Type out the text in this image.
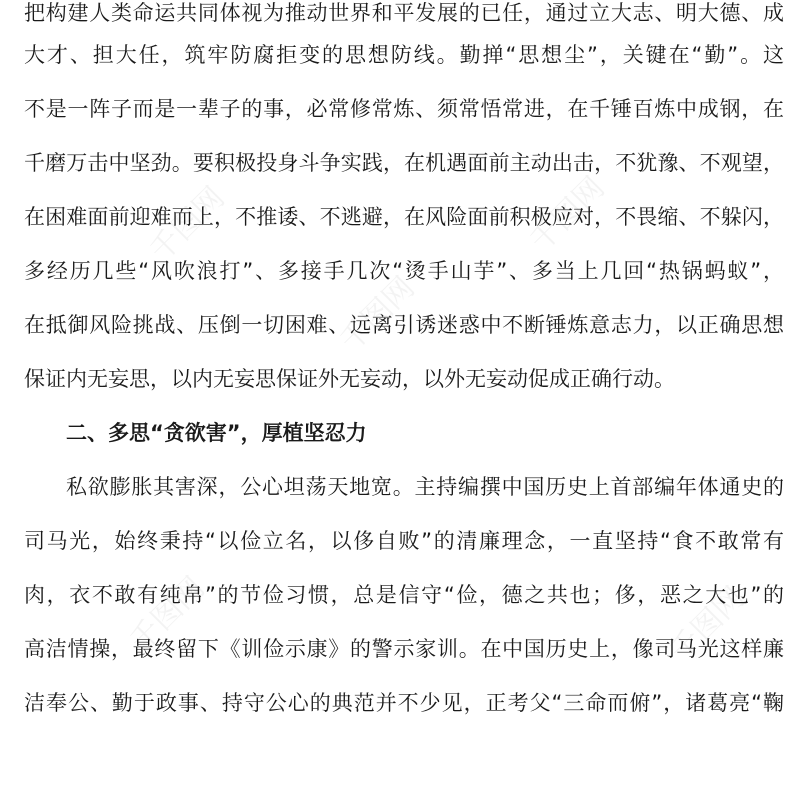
千图网	千图网
千图网
千图网	千图网
把构建人类命运共同体视为推动世界和平发展的已任，通过立大志、明大德、成
大才、担大任，筑牢防腐拒变的思想防线。勤掸“思想尘”，关键在“勤”。这
不是一阵子而是一辈子的事，必常修常炼、须常悟常进，在千锤百炼中成钢，在
千磨万击中坚劲。要积极投身斗争实践，在机遇面前主动出击，不犹豫、不观望，
在困难面前迎难而上，不推诿、不逃避，在风险面前积极应对，不畏缩、不躲闪，
多经历几些“风吹浪打”、多接手几次“烫手山芋”、多当上几回“热锅蚂蚁”，
在抵御风险挑战、压倒一切困难、远离引诱迷惑中不断锤炼意志力，以正确思想
保证内无妄思，以内无妄思保证外无妄动，以外无妄动促成正确行动。
二、多思“贪欲害”，厚植坚忍力
私欲膨胀其害深，公心坦荡天地宽。主持编撰中国历史上首部编年体通史的
司马光，始终秉持“以俭立名，以侈自败”的清廉理念，一直坚持“食不敢常有
肉，衣不敢有纯帛”的节俭习惯，总是信守“俭，德之共也；侈，恶之大也”的
高洁情操，最终留下《训俭示康》的警示家训。在中国历史上，像司马光这样廉
洁奉公、勤于政事、持守公心的典范并不少见，正考父“三命而俯”，诸葛亮“鞠
